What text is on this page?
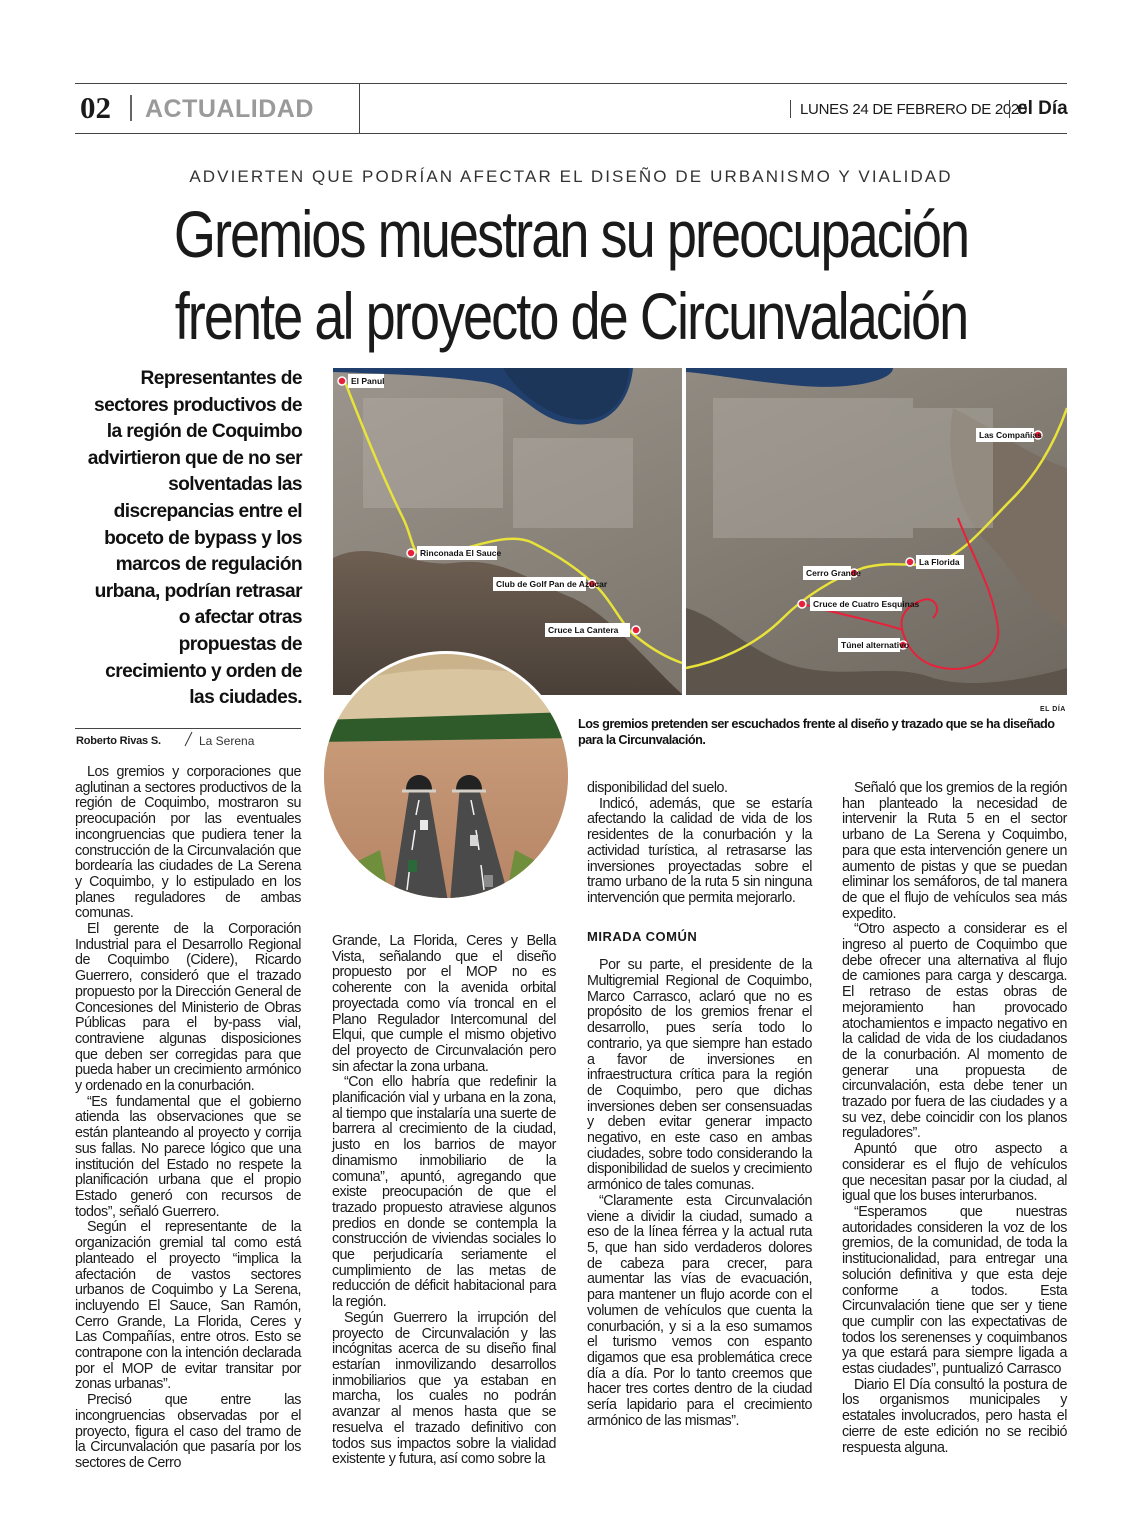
02 ACTUALIDAD	LUNES 24 DE FEBRERO DE 2025
el Día
ADVIERTEN QUE PODRÍAN AFECTAR EL DISEÑO DE URBANISMO Y VIALIDAD
Gremios muestran su preocupación
frente al proyecto de Circunvalación
Representantes de sectores productivos de la región de Coquimbo advirtieron que de no ser solventadas las discrepancias entre el boceto de bypass y los marcos de regulación urbana, podrían retrasar o afectar otras propuestas de crecimiento y orden de las ciudades.
Roberto Rivas S.	La Serena
El Panul
Rinconada El Sauce
Club de Golf Pan de Azúcar
Cruce La Cantera
Las Compañías
Cerro Grande
La Florida
Cruce de Cuatro Esquinas
Túnel alternativo
EL DÍA
Los gremios pretenden ser escuchados frente al diseño y trazado que se ha diseñado para la Circunvalación.

Los gremios y corporaciones que aglutinan a sectores productivos de la región de Coquimbo, mostraron su preocupación por las eventuales incongruencias que pudiera tener la construcción de la Circunvalación que bordearía las ciudades de La Serena y Coquimbo, y lo estipulado en los planes reguladores de ambas comunas.

El gerente de la Corporación Industrial para el Desarrollo Regional de Coquimbo (Cidere), Ricardo Guerrero, consideró que el trazado propuesto por la Dirección General de Concesiones del Ministerio de Obras Públicas para el by-pass vial, contraviene algunas disposiciones que deben ser corregidas para que pueda haber un crecimiento armónico y ordenado en la conurbación.

“Es fundamental que el gobierno atienda las observaciones que se están planteando al proyecto y corrija sus fallas. No parece lógico que una institución del Estado no respete la planificación urbana que el propio Estado generó con recursos de todos”, señaló Guerrero.

Según el representante de la organización gremial tal como está planteado el proyecto “implica la afectación de vastos sectores urbanos de Coquimbo y La Serena, incluyendo El Sauce, San Ramón, Cerro Grande, La Florida, Ceres y Las Compañías, entre otros. Esto se contrapone con la intención declarada por el MOP de evitar transitar por zonas urbanas”.

Precisó que entre las incongruencias observadas por el proyecto, figura el caso del tramo de la Circunvalación que pasaría por los sectores de Cerro

Grande, La Florida, Ceres y Bella Vista, señalando que el diseño propuesto por el MOP no es coherente con la avenida orbital proyectada como vía troncal en el Plano Regulador Intercomunal del Elqui, que cumple el mismo objetivo del proyecto de Circunvalación pero sin afectar la zona urbana.

“Con ello habría que redefinir la planificación vial y urbana en la zona, al tiempo que instalaría una suerte de barrera al crecimiento de la ciudad, justo en los barrios de mayor dinamismo inmobiliario de la comuna”, apuntó, agregando que existe preocupación de que el trazado propuesto atraviese algunos predios en donde se contempla la construcción de viviendas sociales lo que perjudicaría seriamente el cumplimiento de las metas de reducción de déficit habitacional para la región.

Según Guerrero la irrupción del proyecto de Circunvalación y las incógnitas acerca de su diseño final estarían inmovilizando desarrollos inmobiliarios que ya estaban en marcha, los cuales no podrán avanzar al menos hasta que se resuelva el trazado definitivo con todos sus impactos sobre la vialidad existente y futura, así como sobre la

disponibilidad del suelo.

Indicó, además, que se estaría afectando la calidad de vida de los residentes de la conurbación y la actividad turística, al retrasarse las inversiones proyectadas sobre el tramo urbano de la ruta 5 sin ninguna intervención que permita mejorarlo.

MIRADA COMÚN

Por su parte, el presidente de la Multigremial Regional de Coquimbo, Marco Carrasco, aclaró que no es propósito de los gremios frenar el desarrollo, pues sería todo lo contrario, ya que siempre han estado a favor de inversiones en infraestructura crítica para la región de Coquimbo, pero que dichas inversiones deben ser consensuadas y deben evitar generar impacto negativo, en este caso en ambas ciudades, sobre todo considerando la disponibilidad de suelos y crecimiento armónico de tales comunas.

“Claramente esta Circunvalación viene a dividir la ciudad, sumado a eso de la línea férrea y la actual ruta 5, que han sido verdaderos dolores de cabeza para crecer, para aumentar las vías de evacuación, para mantener un flujo acorde con el volumen de vehículos que cuenta la conurbación, y si a la eso sumamos el turismo vemos con espanto digamos que esa problemática crece día a día. Por lo tanto creemos que hacer tres cortes dentro de la ciudad sería lapidario para el crecimiento armónico de las mismas”.

Señaló que los gremios de la región han planteado la necesidad de intervenir la Ruta 5 en el sector urbano de La Serena y Coquimbo, para que esta intervención genere un aumento de pistas y que se puedan eliminar los semáforos, de tal manera de que el flujo de vehículos sea más expedito.

“Otro aspecto a considerar es el ingreso al puerto de Coquimbo que debe ofrecer una alternativa al flujo de camiones para carga y descarga. El retraso de estas obras de mejoramiento han provocado atochamientos e impacto negativo en la calidad de vida de los ciudadanos de la conurbación. Al momento de generar una propuesta de circunvalación, esta debe tener un trazado por fuera de las ciudades y a su vez, debe coincidir con los planos reguladores”.

Apuntó que otro aspecto a considerar es el flujo de vehículos que necesitan pasar por la ciudad, al igual que los buses interurbanos.

“Esperamos que nuestras autoridades consideren la voz de los gremios, de la comunidad, de toda la institucionalidad, para entregar una solución definitiva y que esta deje conforme a todos. Esta Circunvalación tiene que ser y tiene que cumplir con las expectativas de todos los serenenses y coquimbanos ya que estará para siempre ligada a estas ciudades”, puntualizó Carrasco

Diario El Día consultó la postura de los organismos municipales y estatales involucrados, pero hasta el cierre de este edición no se recibió respuesta alguna.
